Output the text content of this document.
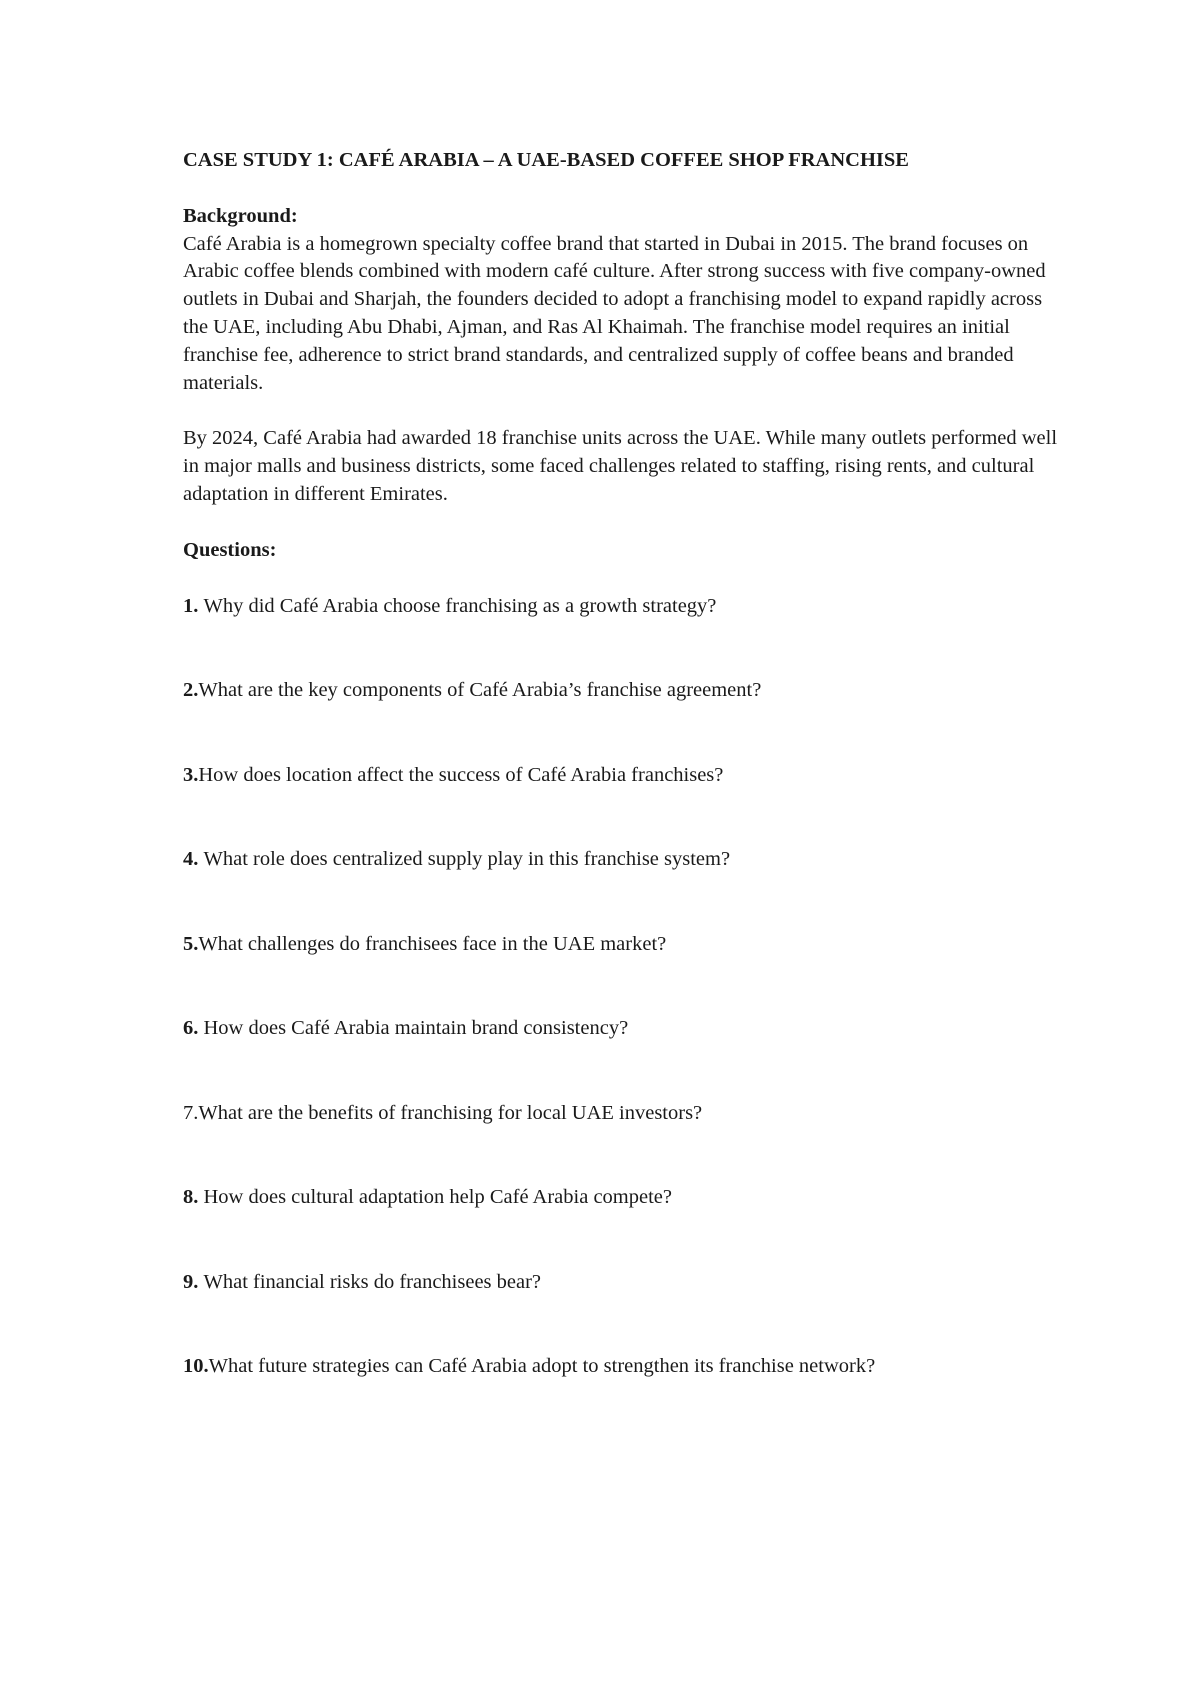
CASE STUDY 1: CAFÉ ARABIA – A UAE-BASED COFFEE SHOP FRANCHISE

Background:

Café Arabia is a homegrown specialty coffee brand that started in Dubai in 2015. The brand focuses on Arabic coffee blends combined with modern café culture. After strong success with five company-owned outlets in Dubai and Sharjah, the founders decided to adopt a franchising model to expand rapidly across the UAE, including Abu Dhabi, Ajman, and Ras Al Khaimah. The franchise model requires an initial franchise fee, adherence to strict brand standards, and centralized supply of coffee beans and branded materials.

By 2024, Café Arabia had awarded 18 franchise units across the UAE. While many outlets performed well in major malls and business districts, some faced challenges related to staffing, rising rents, and cultural adaptation in different Emirates.

Questions:

1. Why did Café Arabia choose franchising as a growth strategy?

2.What are the key components of Café Arabia’s franchise agreement?

3.How does location affect the success of Café Arabia franchises?

4. What role does centralized supply play in this franchise system?

5.What challenges do franchisees face in the UAE market?

6. How does Café Arabia maintain brand consistency?

7.What are the benefits of franchising for local UAE investors?

8. How does cultural adaptation help Café Arabia compete?

9. What financial risks do franchisees bear?

10.What future strategies can Café Arabia adopt to strengthen its franchise network?
